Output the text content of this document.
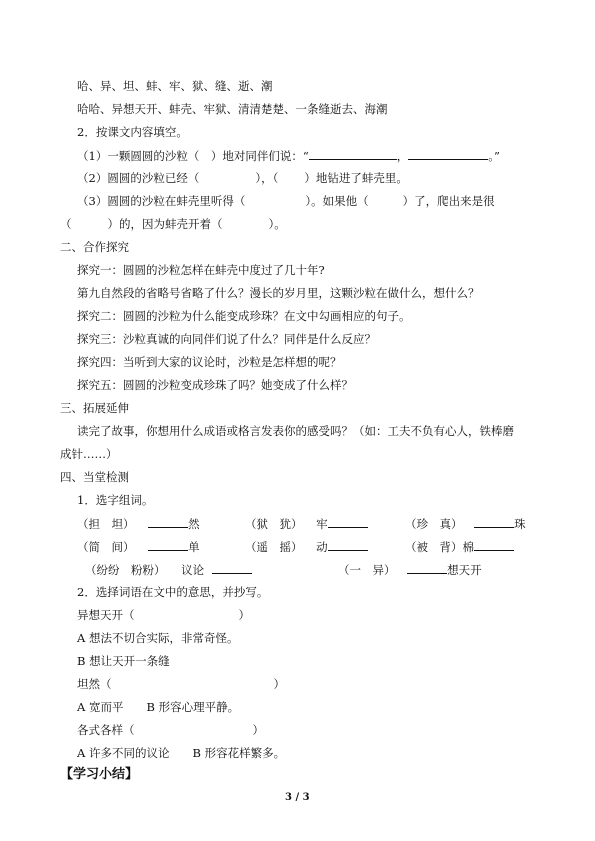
哈、异、坦、蚌、牢、狱、缝、逝、潮
哈哈、异想天开、蚌壳、牢狱、清清楚楚、一条缝逝去、海潮
2．按课文内容填空。
（1）一颗圆圆的沙粒（　）地对同伴们说：“	，	。”
（2）圆圆的沙粒已经（	），（ ）地钻进了蚌壳里。
（3）圆圆的沙粒在蚌壳里听得（	）。如果他（	）了，爬出来是很
（	）的，因为蚌壳开着（	）。
二、合作探究
探究一：圆圆的沙粒怎样在蚌壳中度过了几十年?
第九自然段的省略号省略了什么？漫长的岁月里，这颗沙粒在做什么，想什么？
探究二：圆圆的沙粒为什么能变成珍珠？在文中勾画相应的句子。
探究三：沙粒真诚的向同伴们说了什么？同伴是什么反应？
探究四：当听到大家的议论时，沙粒是怎样想的呢？
探究五：圆圆的沙粒变成珍珠了吗？她变成了什么样？
三、拓展延伸
读完了故事，你想用什么成语或格言发表你的感受吗？（如：工夫不负有心人，铁棒磨
成针……）
四、当堂检测
1．选字组词。
（担　坦）	然	（狱　犹） 牢	（珍　真）	珠
（简　间）	单	（遥　摇） 动	（被　背）棉
（纷纷　粉粉） 议论	（一　异）	想天开
2．选择词语在文中的意思，并抄写。
异想天开（	）
A 想法不切合实际，非常奇怪。
B 想让天开一条缝
坦然（	）
A 宽而平　　B 形容心理平静。
各式各样（	）
A 许多不同的议论　　B 形容花样繁多。
【学习小结】
3 / 3
